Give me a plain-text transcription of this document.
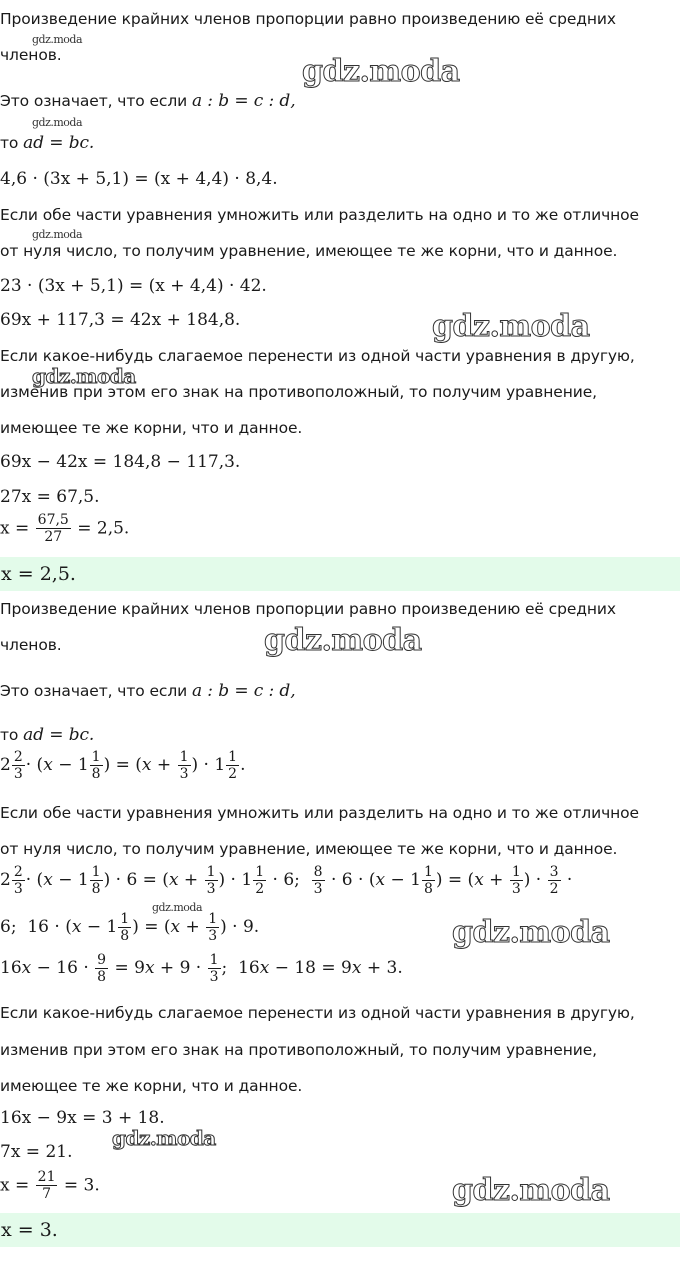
gdz.moda
gdz.moda
gdz.moda
gdz.moda
gdz.moda
gdz.moda
gdz.moda
gdz.moda
gdz.moda
gdz.moda
gdz.moda
Произведение крайних членов пропорции равно произведению её средних
членов.
Это означает, что если a : b = c : d,
то ad = bc.
4,6 · (3x + 5,1) = (x + 4,4) · 8,4.
Если обе части уравнения умножить или разделить на одно и то же отличное
от нуля число, то получим уравнение, имеющее те же корни, что и данное.
23 · (3x + 5,1) = (x + 4,4) · 42.
69x + 117,3 = 42x + 184,8.
Если какое-нибудь слагаемое перенести из одной части уравнения в другую,
изменив при этом его знак на противоположный, то получим уравнение,
имеющее те же корни, что и данное.
69x − 42x = 184,8 − 117,3.
27x = 67,5.
$x = \frac{67,5}{27} = 2,5$.
x = 2,5.
Произведение крайних членов пропорции равно произведению её средних
членов.
Это означает, что если a : b = c : d,
то ad = bc.
$2 \frac{2}{3} \cdot (x - 1 \frac{1}{8}$ ) = ($x + \frac{1}{3}$ ) · $1 \frac{1}{2}$ .
Если обе части уравнения умножить или разделить на одно и то же отличное
от нуля число, то получим уравнение, имеющее те же корни, что и данное.
$2 \frac{2}{3} \cdot (x - 1 \frac{1}{8}$ ) · $6 = (x + \frac{1}{3}$ ) · $1 \frac{1}{2} \cdot 6$; $\frac{8}{3} \cdot 6 \cdot (x - 1 \frac{1}{8}$ ) = ($x + \frac{1}{3}$ ) · $\frac{3}{2}$ ·
6;  $16 \cdot (x - 1 \frac{1}{8}$ ) = ($x + \frac{1}{3}$ ) · 9.
$16x - 16 \cdot \frac{9}{8} = 9x + 9 \cdot \frac{1}{3}$ ;  16x − 18 = 9x + 3.
Если какое-нибудь слагаемое перенести из одной части уравнения в другую,
изменив при этом его знак на противоположный, то получим уравнение,
имеющее те же корни, что и данное.
16x − 9x = 3 + 18.
7x = 21.
$x = \frac{21}{7} = 3$.
x = 3.
